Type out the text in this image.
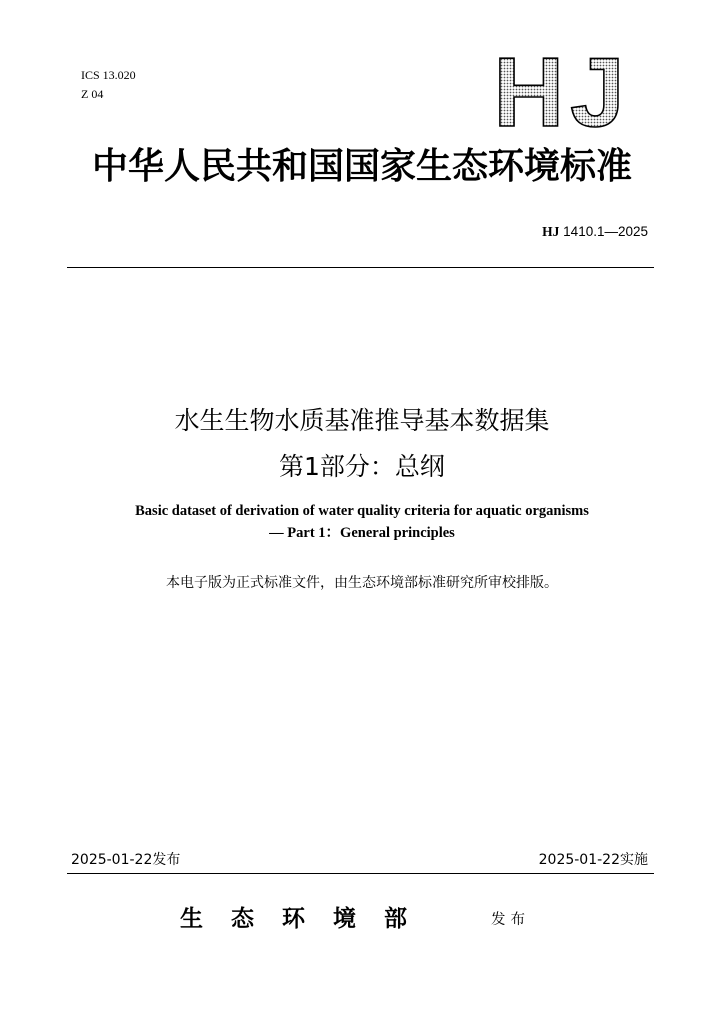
ICS 13.020
Z 04	HJ
中华人民共和国国家生态环境标准
HJ 1410.1—2025
水生生物水质基准推导基本数据集
第1部分：总纲
Basic dataset of derivation of water quality criteria for aquatic organisms
— Part 1：General principles
本电子版为正式标准文件，由生态环境部标准研究所审校排版。
2025-01-22发布	2025-01-22实施
生态环境部	发布
